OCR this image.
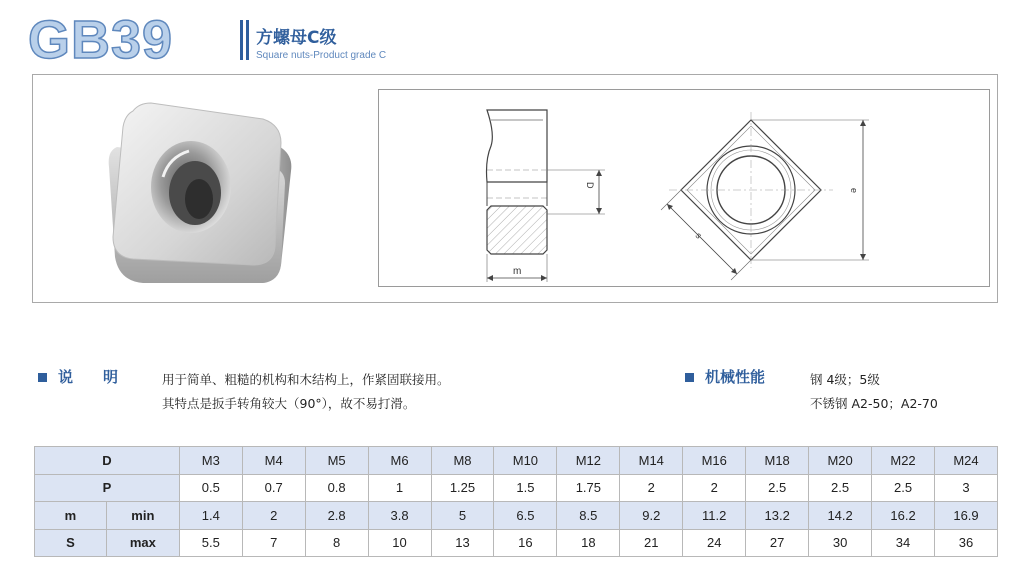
GB39	方螺母C级
Square nuts-Product grade C
D
m
e
s
说　　明	用于简单、粗糙的机构和木结构上，作紧固联接用。
其特点是扳手转角较大（90°），故不易打滑。
机械性能	钢 4级；5级
不锈钢 A2-50；A2-70
D		M3	M4	M5	M6	M8	M10	M12	M14	M16	M18	M20	M22	M24
P		0.5	0.7	0.8	1	1.25	1.5	1.75	2	2	2.5	2.5	2.5	3
m	min	1.4	2	2.8	3.8	5	6.5	8.5	9.2	11.2	13.2	14.2	16.2	16.9
S	max	5.5	7	8	10	13	16	18	21	24	27	30	34	36
